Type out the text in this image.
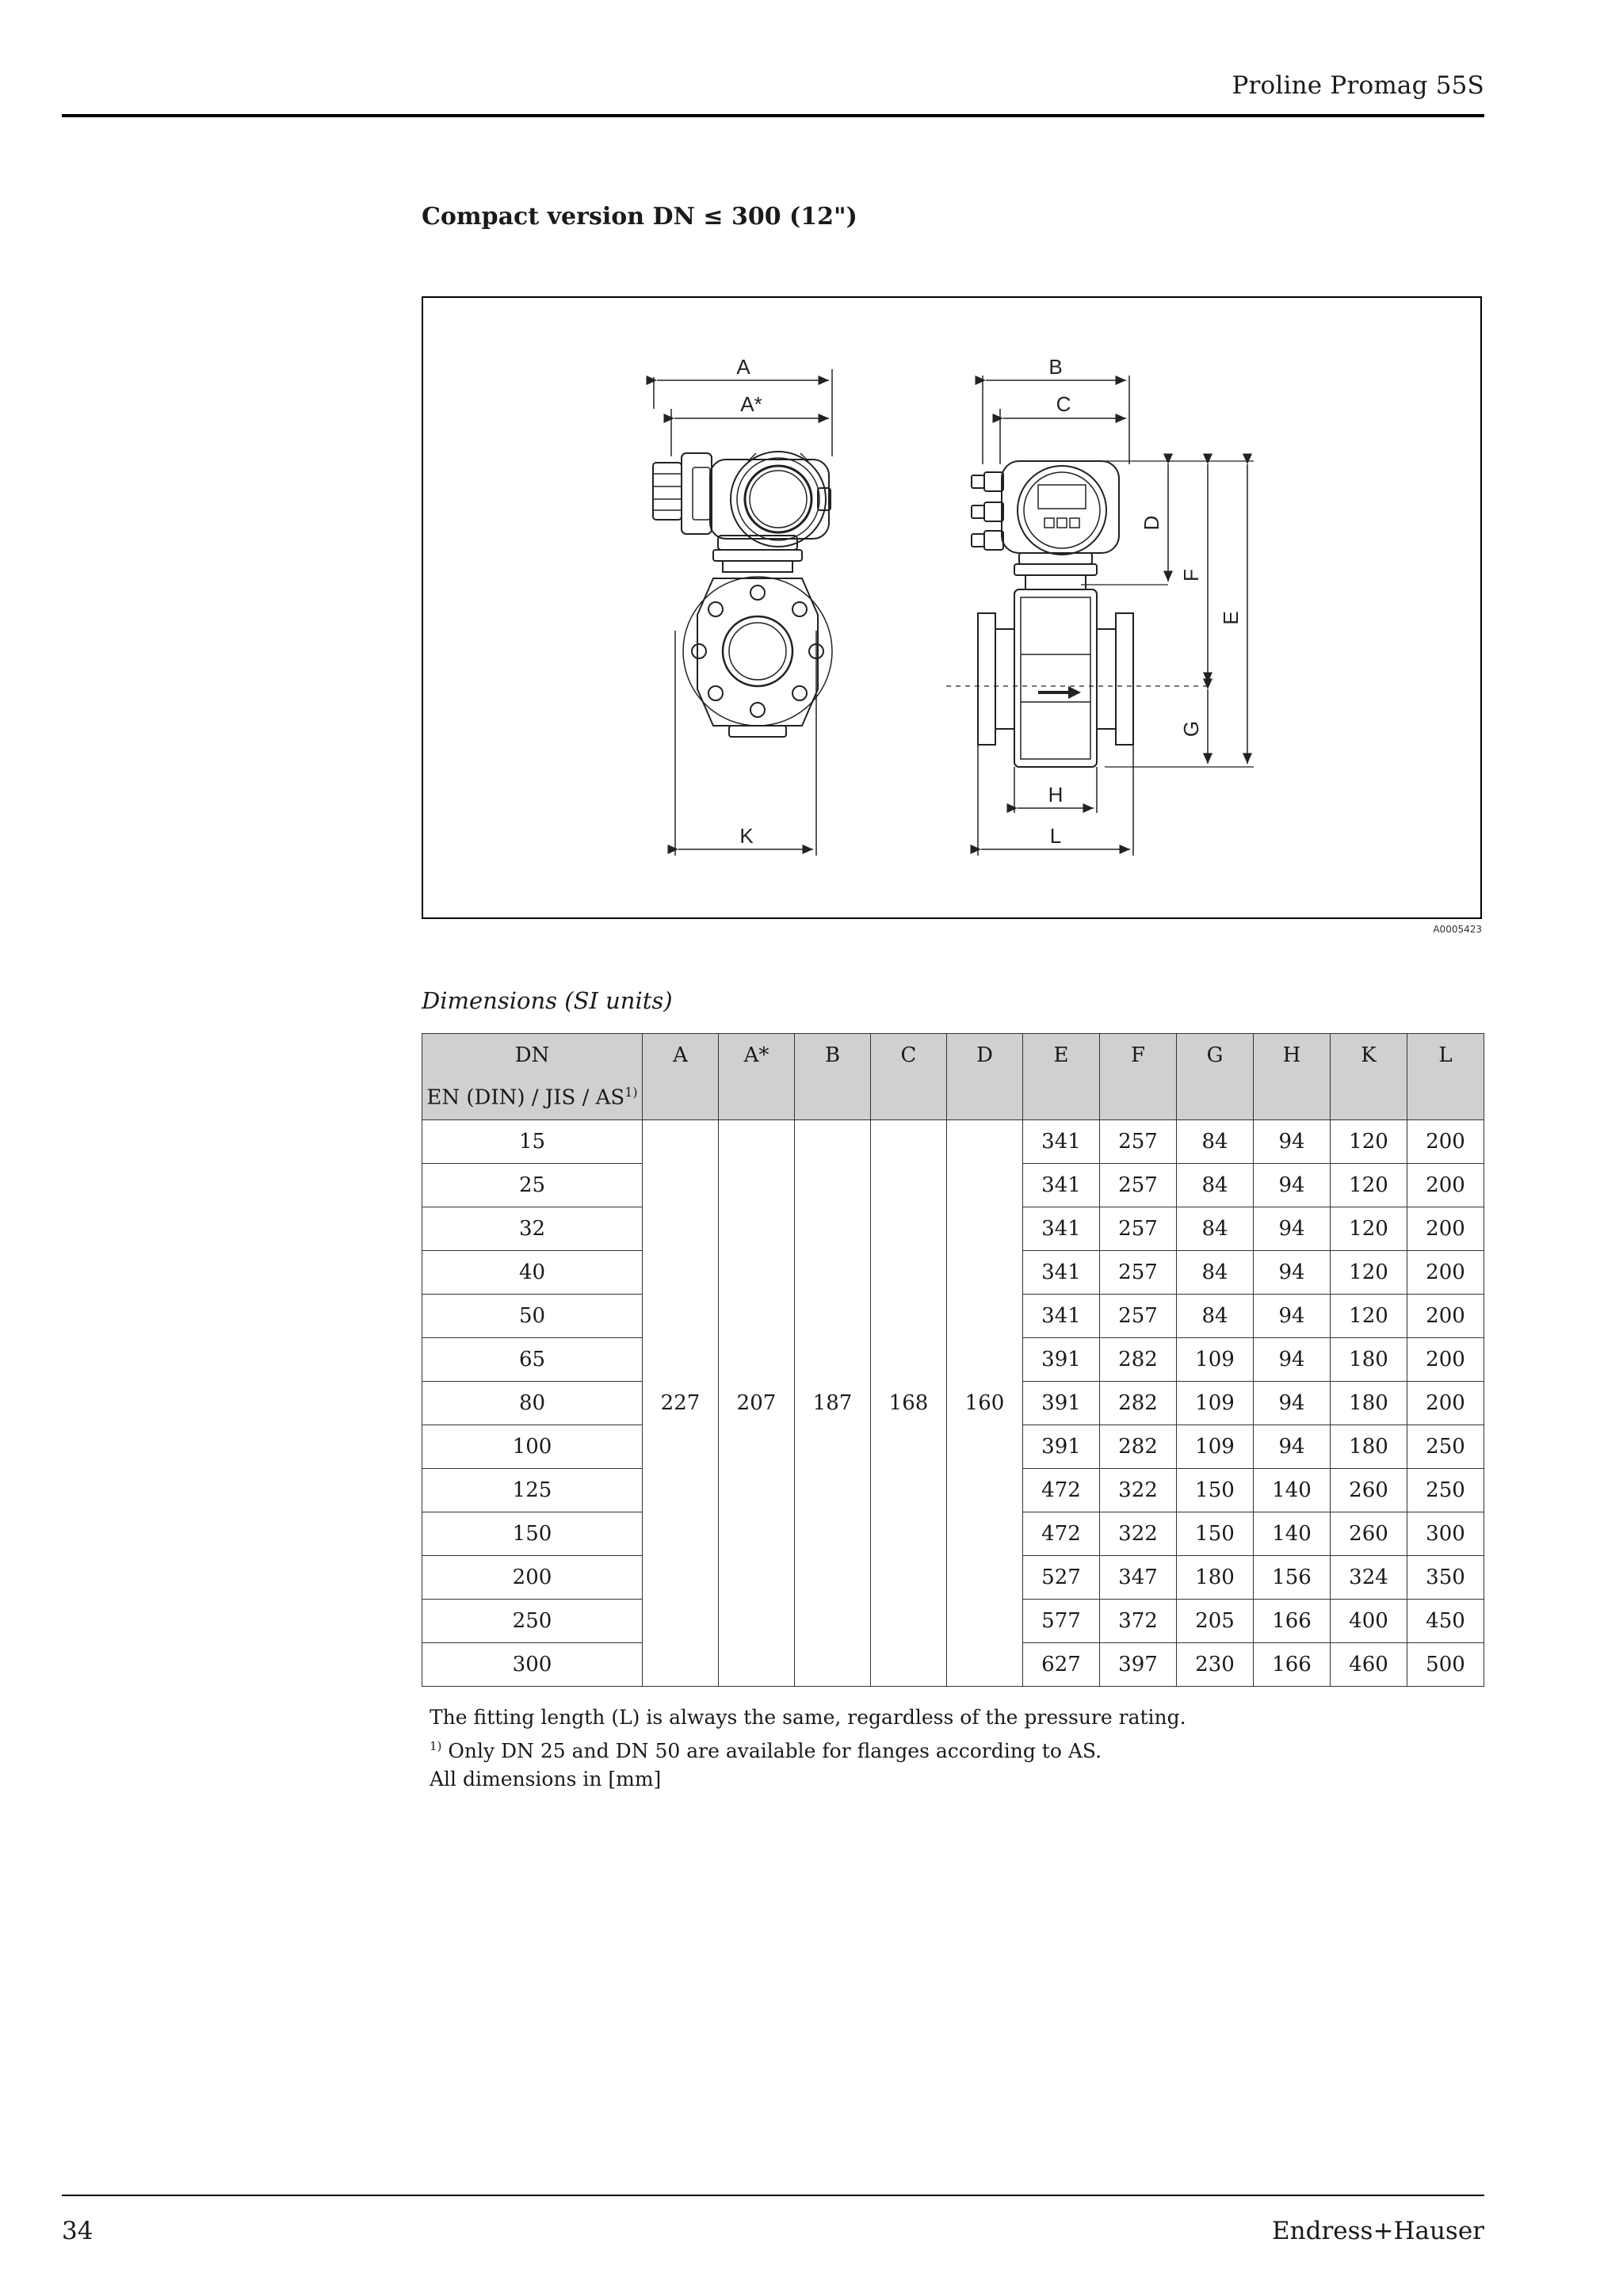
Proline Promag 55S
Compact version DN ≤ 300 (12")
A
A*
K
B
C
H
L
D
F
G
E
A0005423
Dimensions (SI units)
DN
EN (DIN) / JIS / AS$^{1)}$	A	A*	B	C	D	E	F	G	H	K	L
15	227	207	187	168	160	341	257	84	94	120	200
25						341	257	84	94	120	200
32						341	257	84	94	120	200
40						341	257	84	94	120	200
50						341	257	84	94	120	200
65						391	282	109	94	180	200
80						391	282	109	94	180	200
100						391	282	109	94	180	250
125						472	322	150	140	260	250
150						472	322	150	140	260	300
200						527	347	180	156	324	350
250						577	372	205	166	400	450
300						627	397	230	166	460	500
The fitting length (L) is always the same, regardless of the pressure rating.
$^{1)}$ Only DN 25 and DN 50 are available for flanges according to AS.
All dimensions in [mm]
34	Endress+Hauser
